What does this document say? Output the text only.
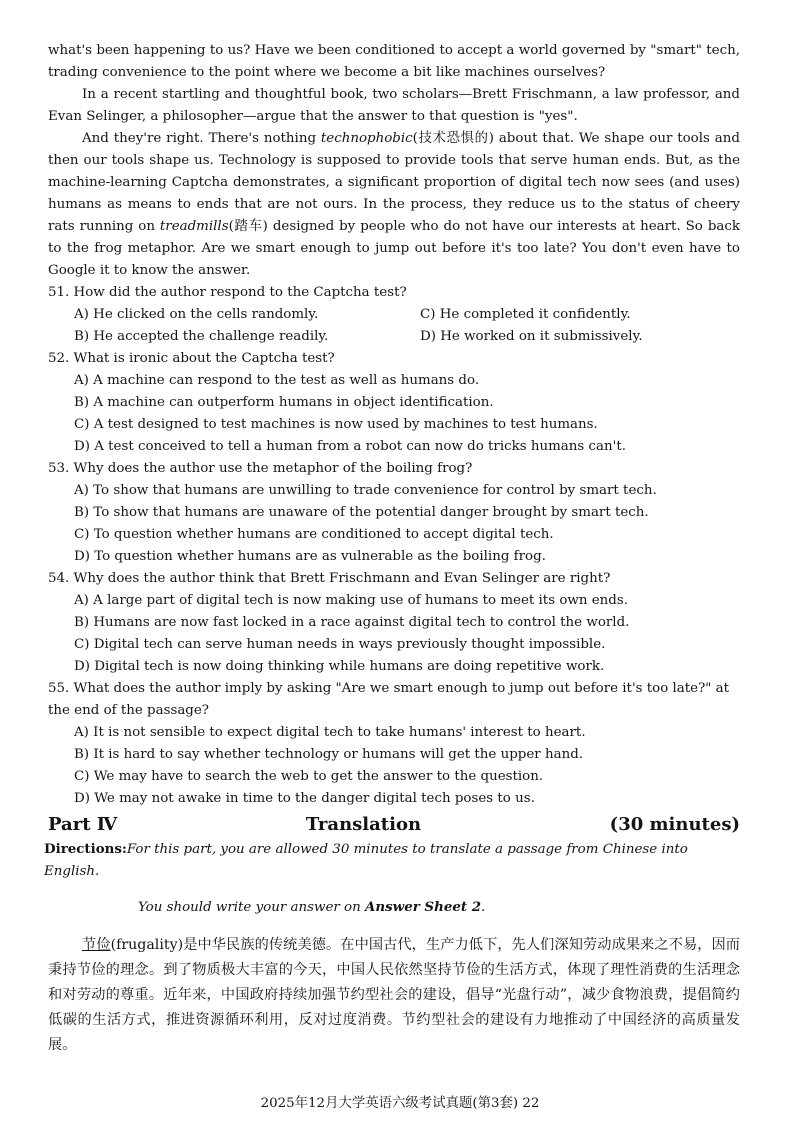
what's been happening to us? Have we been conditioned to accept a world governed by "smart" tech, trading convenience to the point where we become a bit like machines ourselves?

In a recent startling and thoughtful book, two scholars—Brett Frischmann, a law professor, and Evan Selinger, a philosopher—argue that the answer to that question is "yes".

And they're right. There's nothing technophobic(技术恐惧的) about that. We shape our tools and then our tools shape us. Technology is supposed to provide tools that serve human ends. But, as the machine-learning Captcha demonstrates, a significant proportion of digital tech now sees (and uses) humans as means to ends that are not ours. In the process, they reduce us to the status of cheery rats running on treadmills(踏车) designed by people who do not have our interests at heart. So back to the frog metaphor. Are we smart enough to jump out before it's too late? You don't even have to Google it to know the answer.

51. How did the author respond to the Captcha test?

A) He clicked on the cells randomly.	C) He completed it confidently.
B) He accepted the challenge readily.	D) He worked on it submissively.

52. What is ironic about the Captcha test?

A) A machine can respond to the test as well as humans do.

B) A machine can outperform humans in object identification.

C) A test designed to test machines is now used by machines to test humans.

D) A test conceived to tell a human from a robot can now do tricks humans can't.

53. Why does the author use the metaphor of the boiling frog?

A) To show that humans are unwilling to trade convenience for control by smart tech.

B) To show that humans are unaware of the potential danger brought by smart tech.

C) To question whether humans are conditioned to accept digital tech.

D) To question whether humans are as vulnerable as the boiling frog.

54. Why does the author think that Brett Frischmann and Evan Selinger are right?

A) A large part of digital tech is now making use of humans to meet its own ends.

B) Humans are now fast locked in a race against digital tech to control the world.

C) Digital tech can serve human needs in ways previously thought impossible.

D) Digital tech is now doing thinking while humans are doing repetitive work.

55. What does the author imply by asking "Are we smart enough to jump out before it's too late?" at the end of the passage?

A) It is not sensible to expect digital tech to take humans' interest to heart.

B) It is hard to say whether technology or humans will get the upper hand.

C) We may have to search the web to get the answer to the question.

D) We may not awake in time to the danger digital tech poses to us.

Part Ⅳ	Translation	(30 minutes)

Directions:For this part, you are allowed 30 minutes to translate a passage from Chinese into English.

You should write your answer on Answer Sheet 2.

节俭(frugality)是中华民族的传统美德。在中国古代，生产力低下，先人们深知劳动成果来之不易，因而秉持节俭的理念。到了物质极大丰富的今天，中国人民依然坚持节俭的生活方式，体现了理性消费的生活理念和对劳动的尊重。近年来，中国政府持续加强节约型社会的建设，倡导“光盘行动”，减少食物浪费，提倡简约低碳的生活方式，推进资源循环利用，反对过度消费。节约型社会的建设有力地推动了中国经济的高质量发展。

2025年12月大学英语六级考试真题(第3套) 22
